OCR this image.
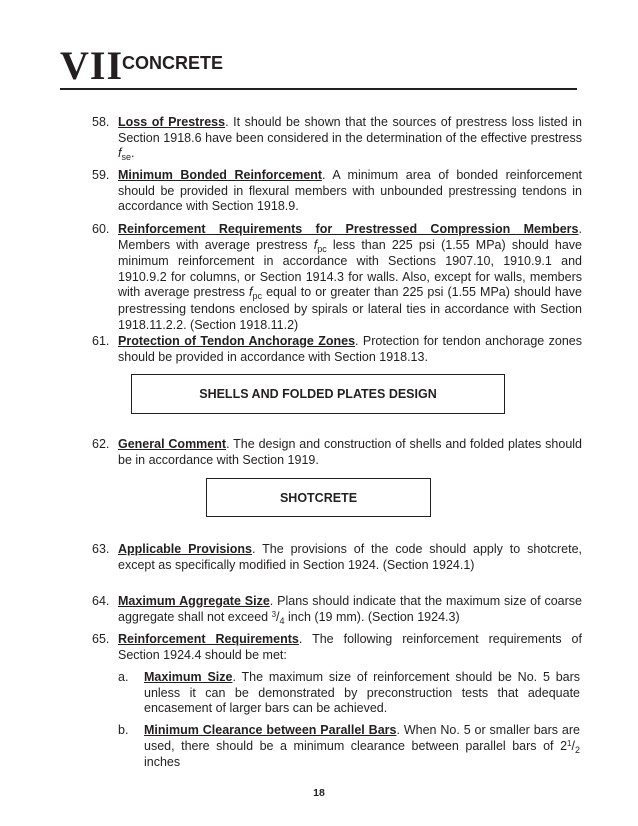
VII
CONCRETE
58. Loss of Prestress. It should be shown that the sources of prestress loss listed in Section 1918.6 have been considered in the determination of the effective prestress $f_{se}$.
59. Minimum Bonded Reinforcement. A minimum area of bonded reinforcement should be provided in flexural members with unbounded prestressing tendons in accordance with Section 1918.9.
60. Reinforcement Requirements for Prestressed Compression Members. Members with average prestress $f_{pc}$ less than 225 psi (1.55 MPa) should have minimum reinforcement in accordance with Sections 1907.10, 1910.9.1 and 1910.9.2 for columns, or Section 1914.3 for walls. Also, except for walls, members with average prestress $f_{pc}$ equal to or greater than 225 psi (1.55 MPa) should have prestressing tendons enclosed by spirals or lateral ties in accordance with Section 1918.11.2.2. (Section 1918.11.2)
61. Protection of Tendon Anchorage Zones. Protection for tendon anchorage zones should be provided in accordance with Section 1918.13.
SHELLS AND FOLDED PLATES DESIGN
62. General Comment. The design and construction of shells and folded plates should be in accordance with Section 1919.
SHOTCRETE
63. Applicable Provisions. The provisions of the code should apply to shotcrete, except as specifically modified in Section 1924. (Section 1924.1)
64. Maximum Aggregate Size. Plans should indicate that the maximum size of coarse aggregate shall not exceed $^3/_4$ inch (19 mm). (Section 1924.3)
65. Reinforcement Requirements. The following reinforcement requirements of Section 1924.4 should be met:
a.	Maximum Size. The maximum size of reinforcement should be No. 5 bars unless it can be demonstrated by preconstruction tests that adequate encasement of larger bars can be achieved.
b.	Minimum Clearance between Parallel Bars. When No. 5 or smaller bars are used, there should be a minimum clearance between parallel bars of $2^1/_2$ inches
18
